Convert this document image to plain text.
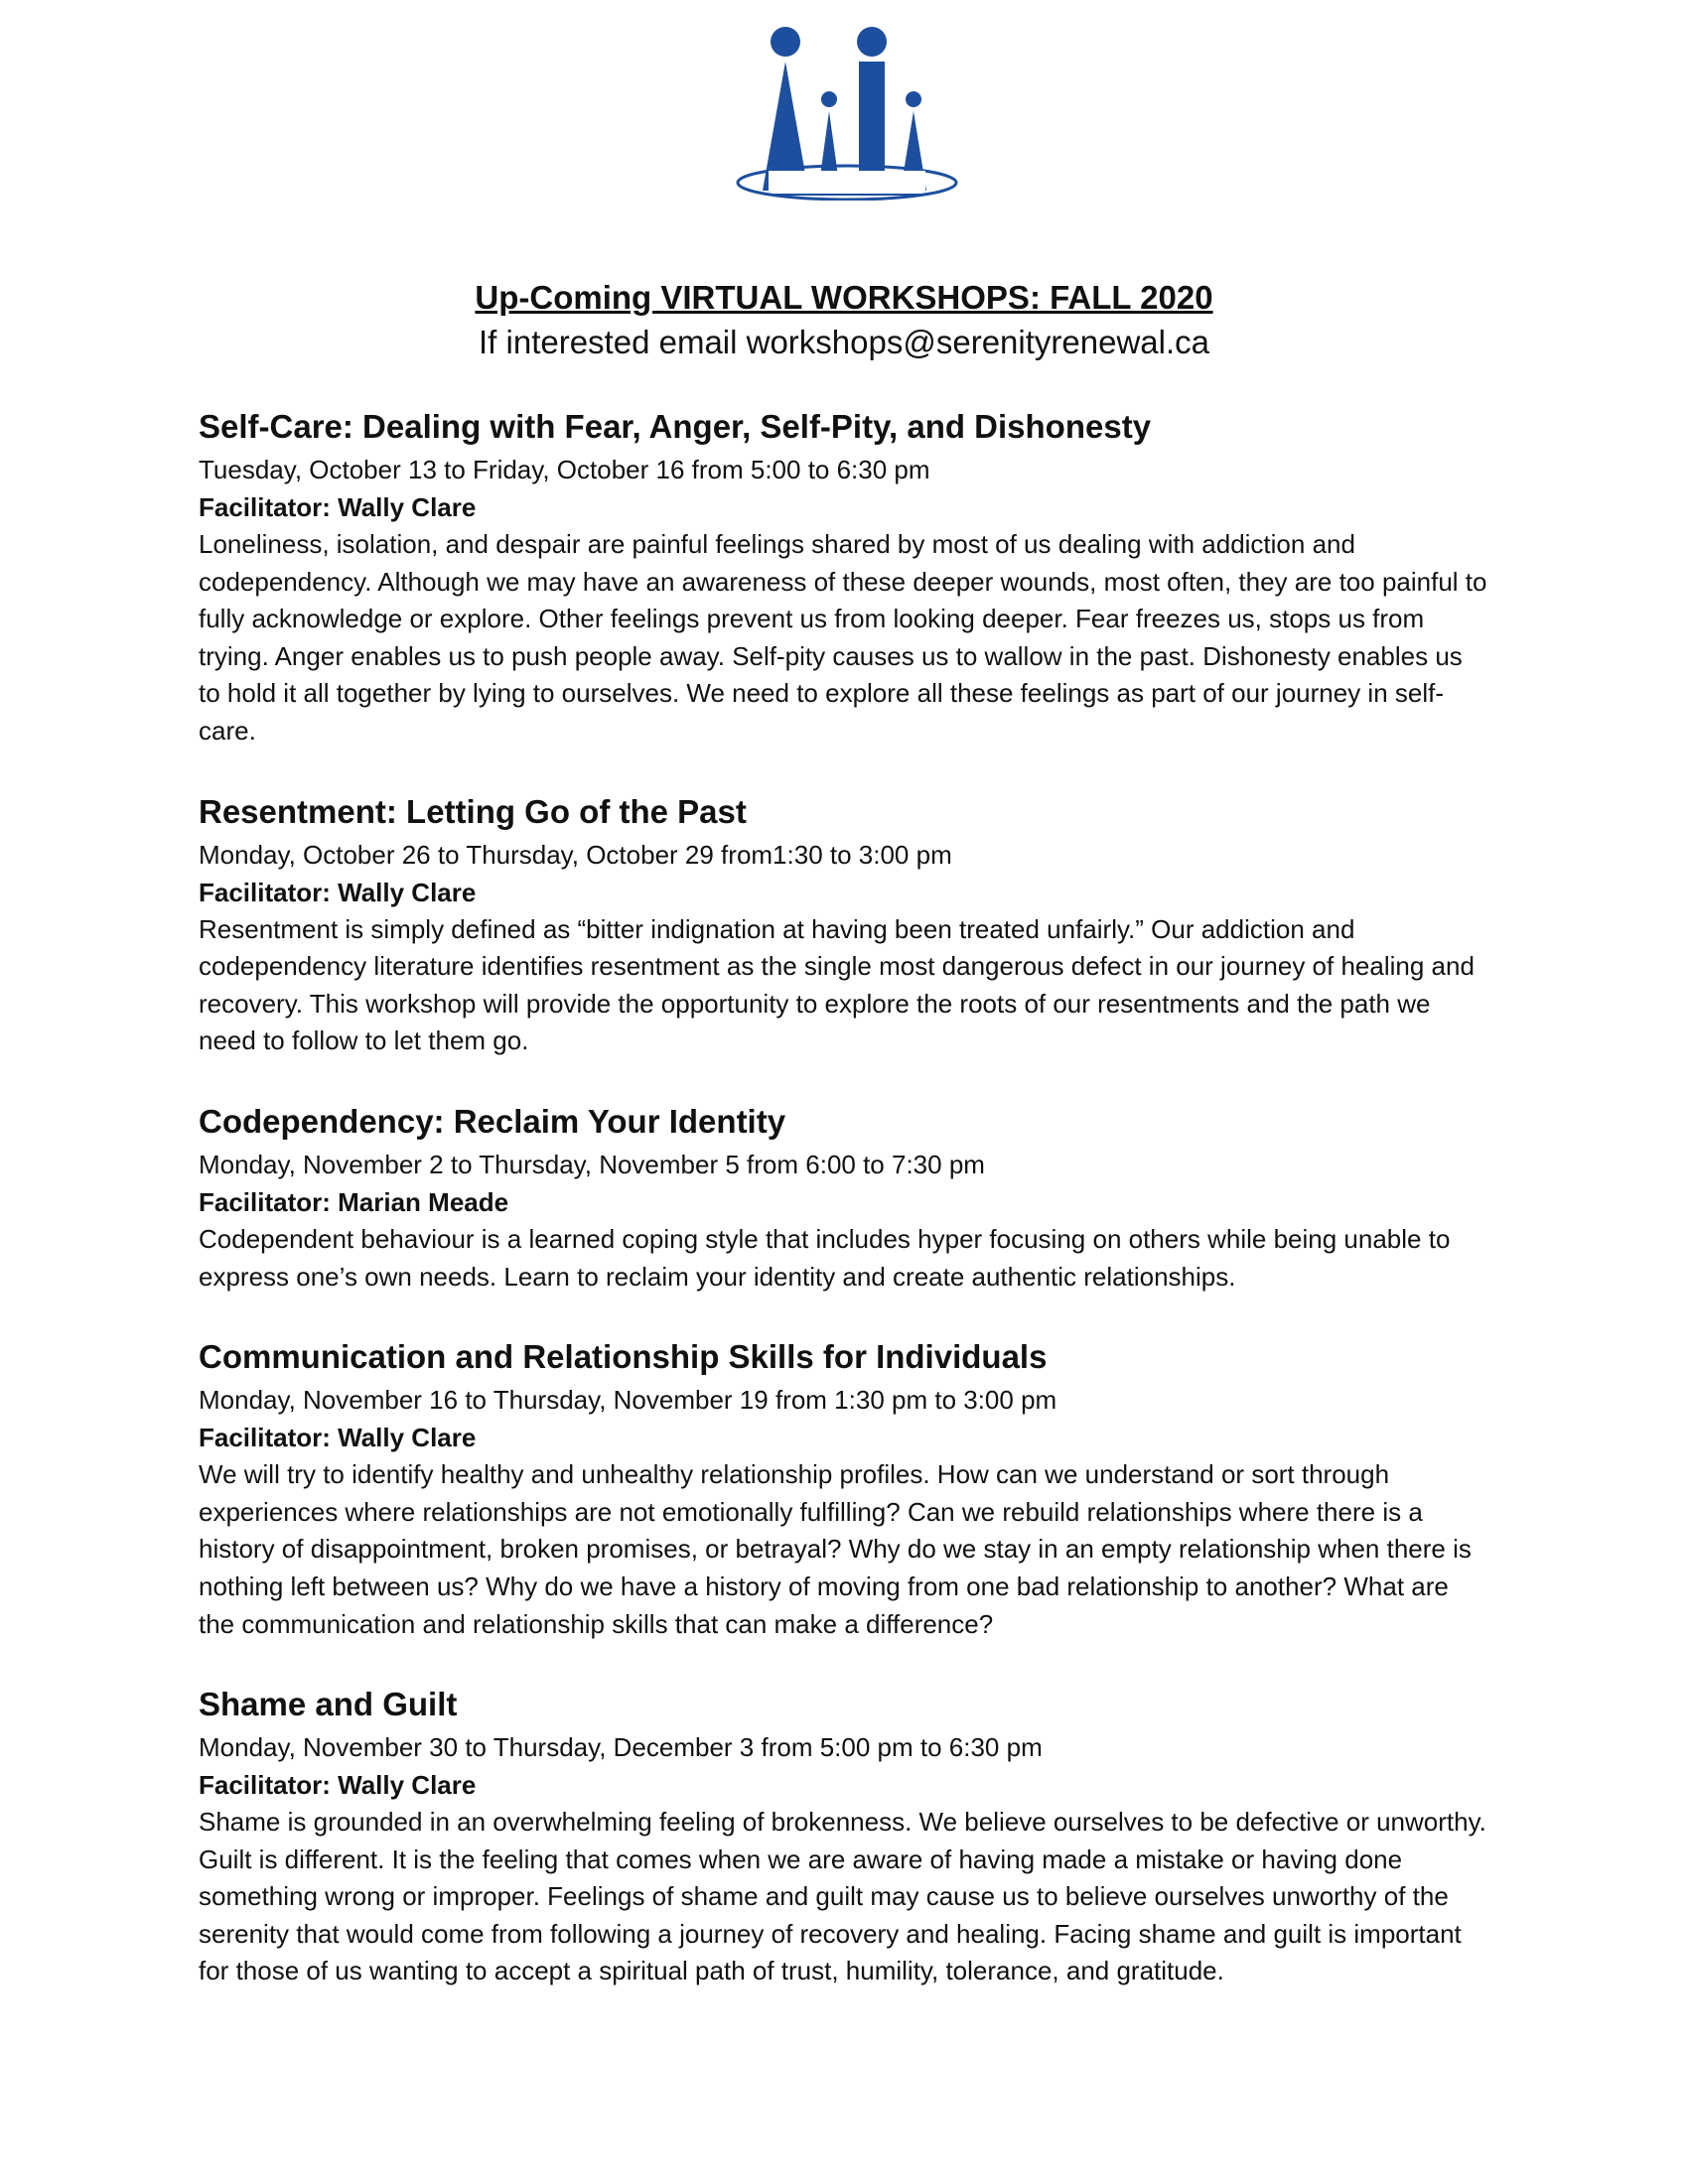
Up-Coming VIRTUAL WORKSHOPS: FALL 2020
If interested email workshops@serenityrenewal.ca
Self-Care: Dealing with Fear, Anger, Self-Pity, and Dishonesty
Tuesday, October 13 to Friday, October 16 from 5:00 to 6:30 pm
Facilitator: Wally Clare
Loneliness, isolation, and despair are painful feelings shared by most of us dealing with addiction and codependency. Although we may have an awareness of these deeper wounds, most often, they are too painful to fully acknowledge or explore. Other feelings prevent us from looking deeper. Fear freezes us, stops us from trying. Anger enables us to push people away. Self-pity causes us to wallow in the past. Dishonesty enables us to hold it all together by lying to ourselves. We need to explore all these feelings as part of our journey in self-care.
Resentment: Letting Go of the Past
Monday, October 26 to Thursday, October 29 from1:30 to 3:00 pm
Facilitator: Wally Clare
Resentment is simply defined as “bitter indignation at having been treated unfairly.” Our addiction and codependency literature identifies resentment as the single most dangerous defect in our journey of healing and recovery. This workshop will provide the opportunity to explore the roots of our resentments and the path we need to follow to let them go.
Codependency: Reclaim Your Identity
Monday, November 2 to Thursday, November 5 from 6:00 to 7:30 pm
Facilitator: Marian Meade
Codependent behaviour is a learned coping style that includes hyper focusing on others while being unable to express one’s own needs. Learn to reclaim your identity and create authentic relationships.
Communication and Relationship Skills for Individuals
Monday, November 16 to Thursday, November 19 from 1:30 pm to 3:00 pm
Facilitator: Wally Clare
We will try to identify healthy and unhealthy relationship profiles. How can we understand or sort through experiences where relationships are not emotionally fulfilling? Can we rebuild relationships where there is a history of disappointment, broken promises, or betrayal? Why do we stay in an empty relationship when there is nothing left between us? Why do we have a history of moving from one bad relationship to another? What are the communication and relationship skills that can make a difference?
Shame and Guilt
Monday, November 30 to Thursday, December 3 from 5:00 pm to 6:30 pm
Facilitator: Wally Clare
Shame is grounded in an overwhelming feeling of brokenness. We believe ourselves to be defective or unworthy. Guilt is different. It is the feeling that comes when we are aware of having made a mistake or having done something wrong or improper. Feelings of shame and guilt may cause us to believe ourselves unworthy of the serenity that would come from following a journey of recovery and healing. Facing shame and guilt is important for those of us wanting to accept a spiritual path of trust, humility, tolerance, and gratitude.
